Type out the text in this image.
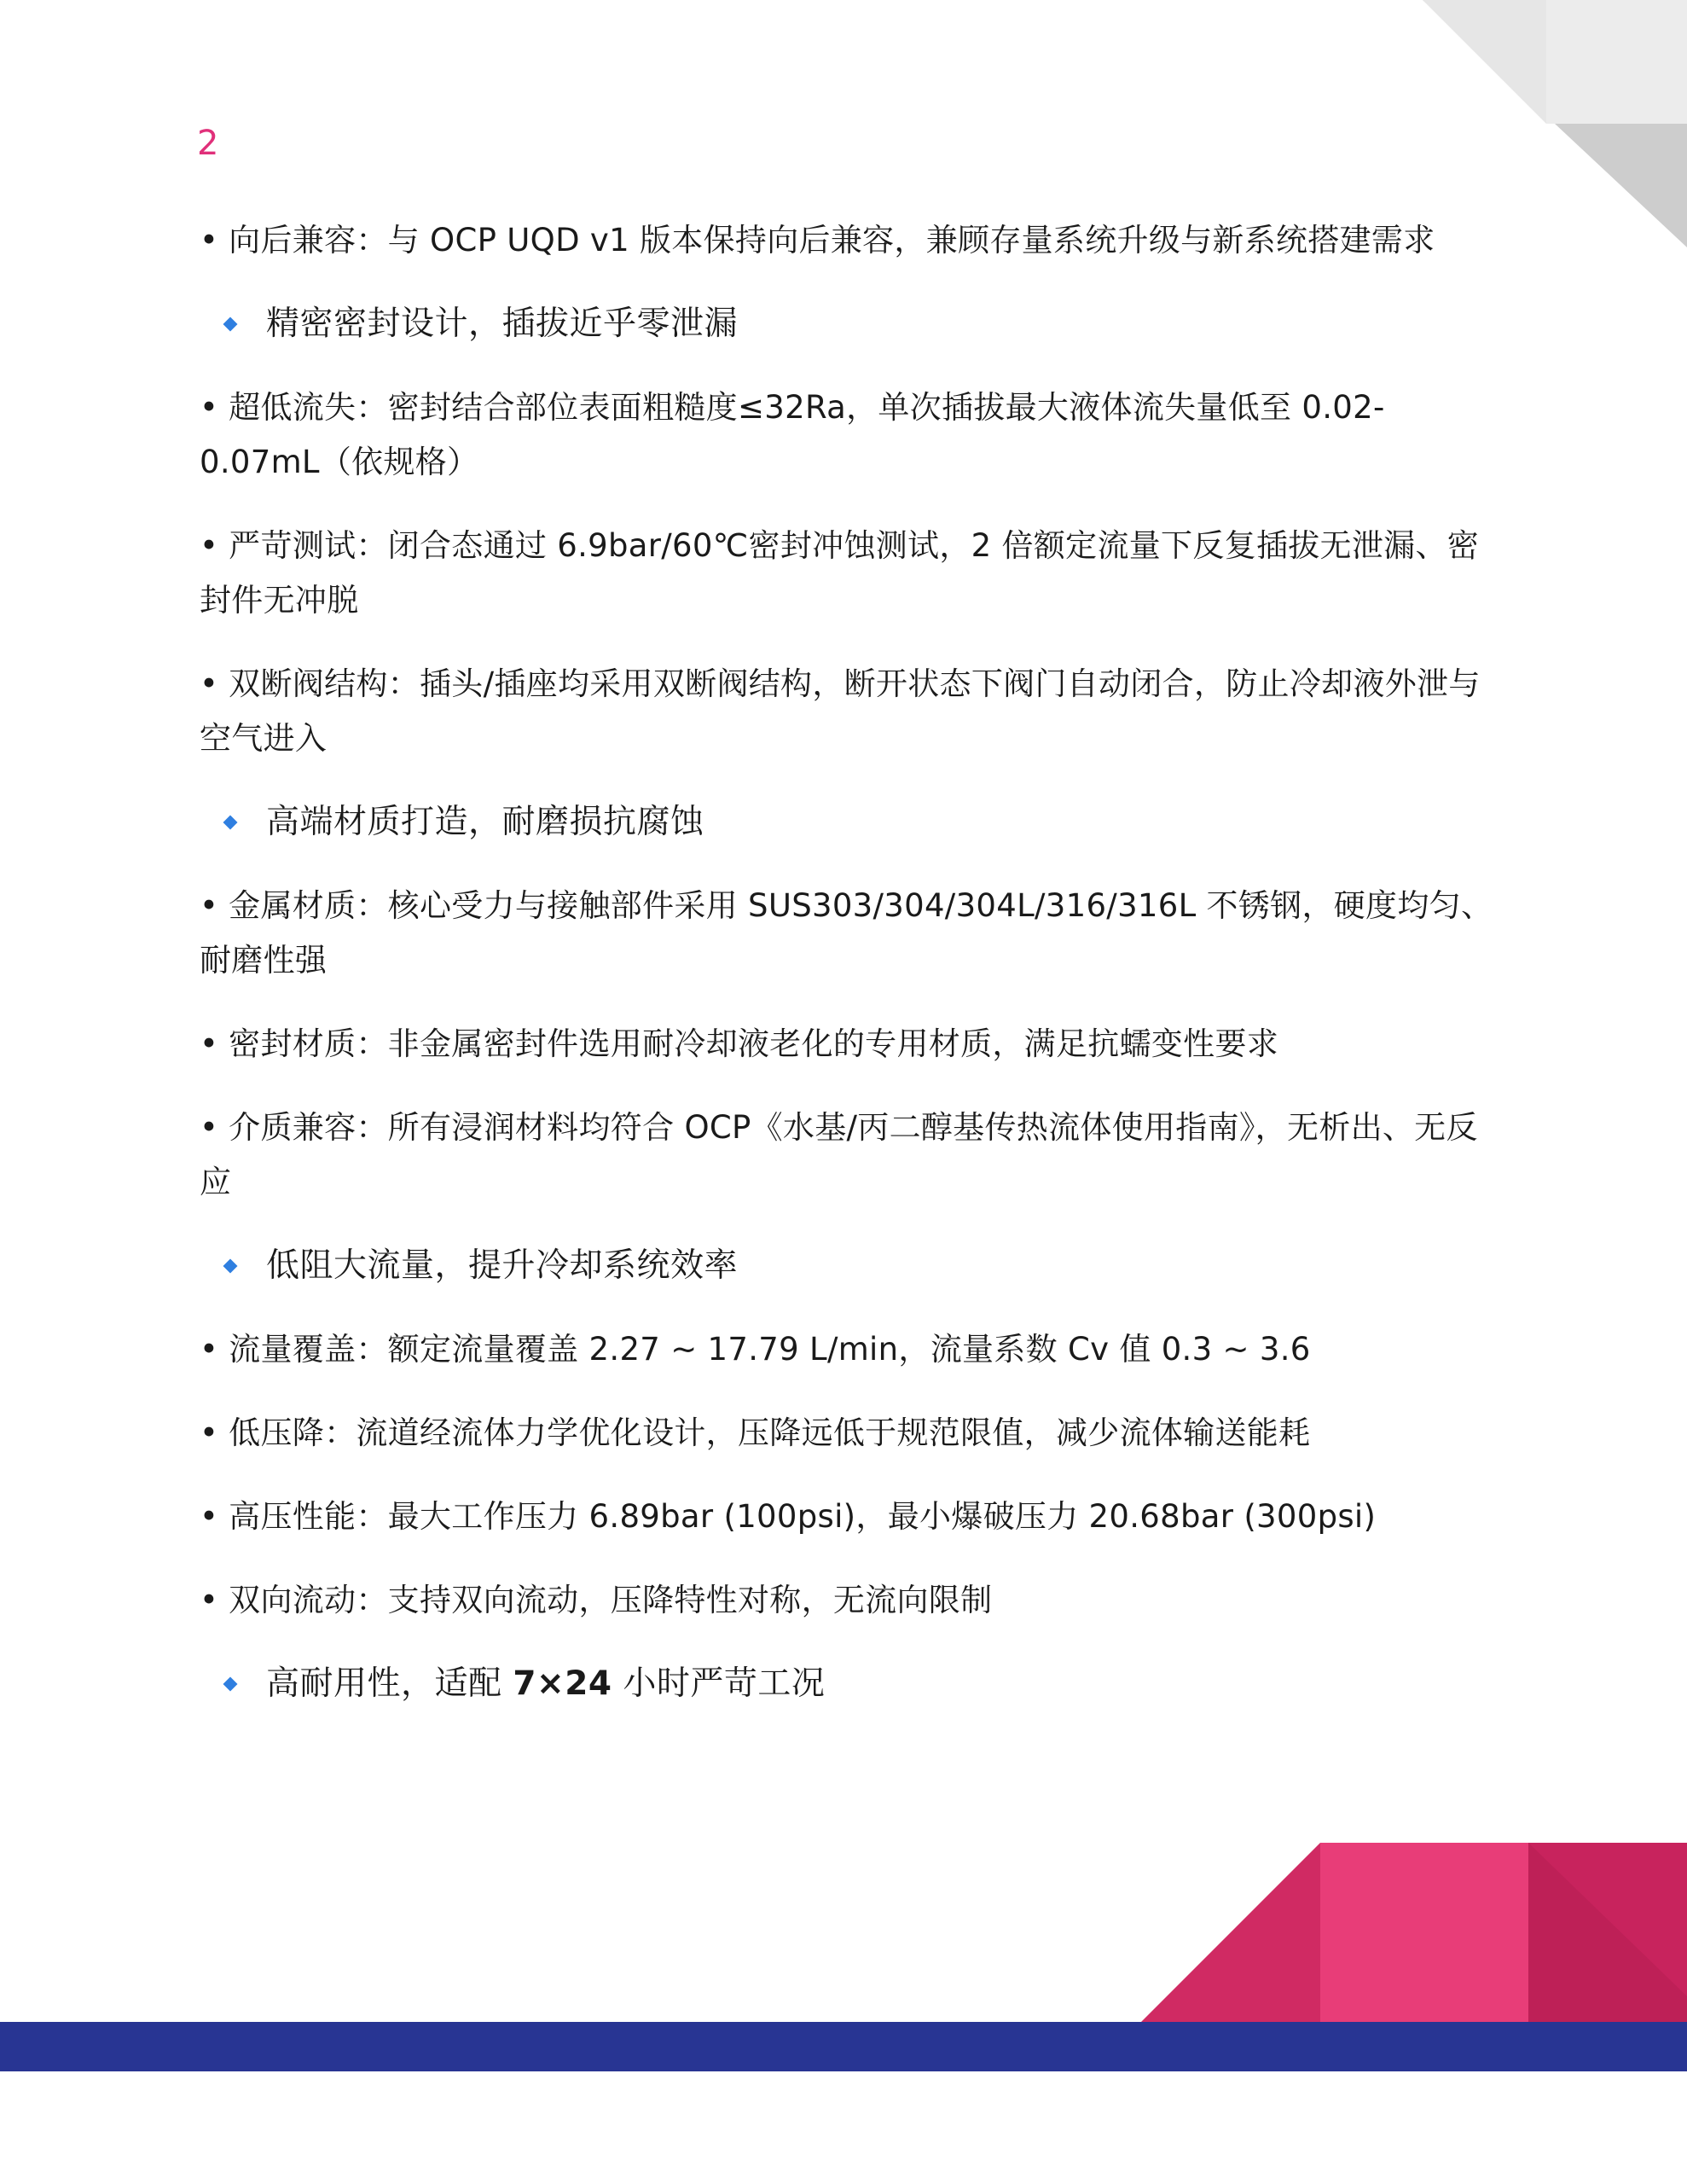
2
• 向后兼容：与 OCP UQD v1 版本保持向后兼容，兼顾存量系统升级与新系统搭建需求
精密密封设计，插拔近乎零泄漏
• 超低流失：密封结合部位表面粗糙度≤32Ra，单次插拔最大液体流失量低至 0.02-0.07mL（依规格）
• 严苛测试：闭合态通过 6.9bar/60℃密封冲蚀测试，2 倍额定流量下反复插拔无泄漏、密封件无冲脱
• 双断阀结构：插头/插座均采用双断阀结构，断开状态下阀门自动闭合，防止冷却液外泄与空气进入
高端材质打造，耐磨损抗腐蚀
• 金属材质：核心受力与接触部件采用 SUS303/304/304L/316/316L 不锈钢，硬度均匀、耐磨性强
• 密封材质：非金属密封件选用耐冷却液老化的专用材质，满足抗蠕变性要求
• 介质兼容：所有浸润材料均符合 OCP《水基/丙二醇基传热流体使用指南》，无析出、无反应
低阻大流量，提升冷却系统效率
• 流量覆盖：额定流量覆盖 2.27 ~ 17.79 L/min，流量系数 Cv 值 0.3 ~ 3.6
• 低压降：流道经流体力学优化设计，压降远低于规范限值，减少流体输送能耗
• 高压性能：最大工作压力 6.89bar (100psi)，最小爆破压力 20.68bar (300psi)
• 双向流动：支持双向流动，压降特性对称，无流向限制
高耐用性，适配 7×24 小时严苛工况
